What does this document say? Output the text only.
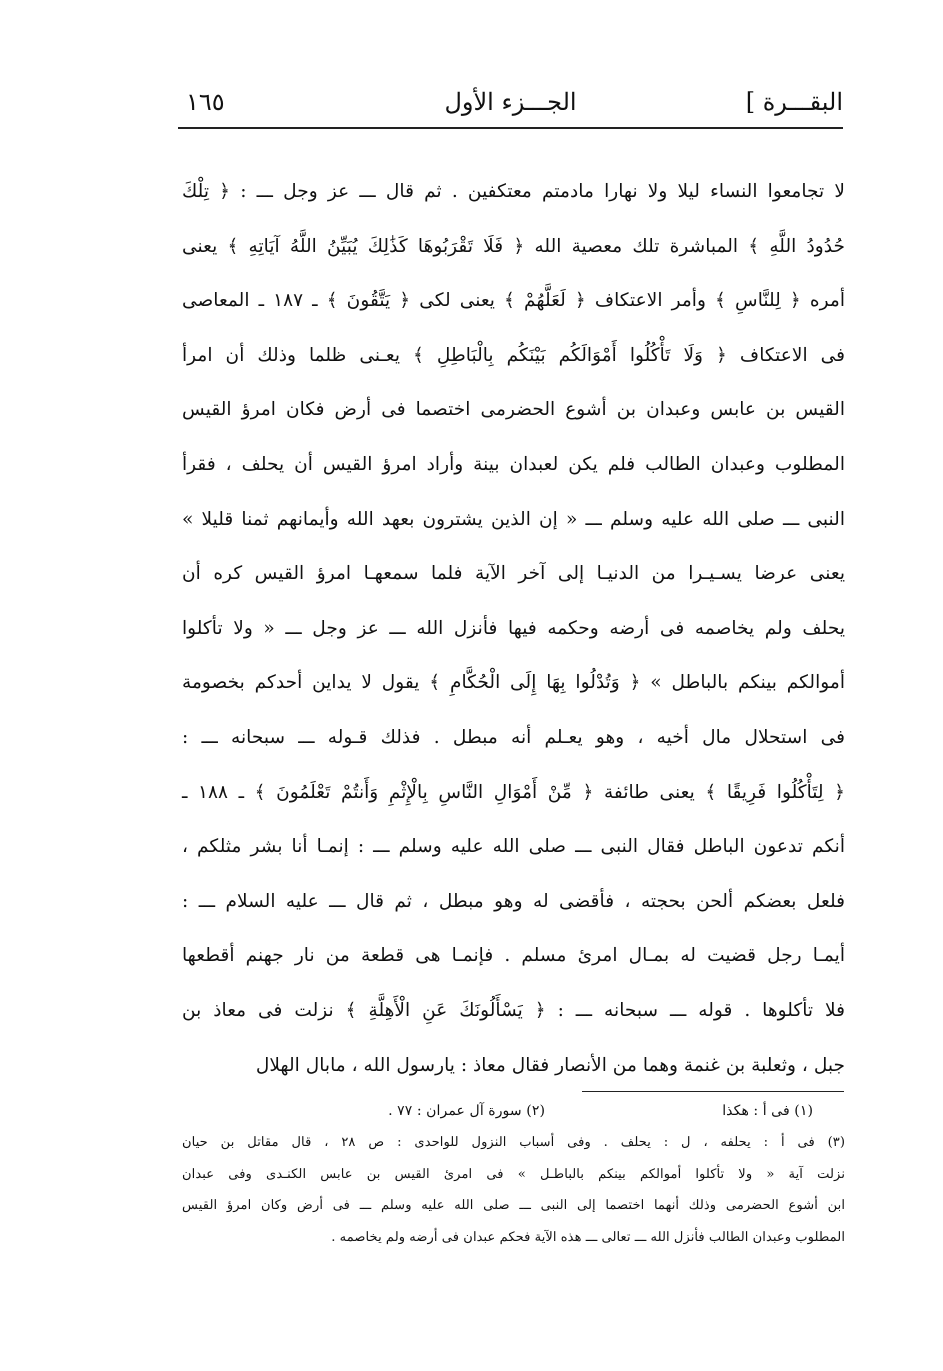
البقـــرة ]
الجـــزء الأول
١٦٥
لا تجامعوا النساء ليلا ولا نهارا مادمتم معتكفين . ثم قال ـــ عز وجل ـــ : ﴿ تِلْكَ
حُدُودُ اللَّهِ ﴾ المباشرة تلك معصية الله ﴿ فَلَا تَقْرَبُوهَا كَذَٰلِكَ يُبَيِّنُ اللَّهُ آيَاتِهِ ﴾ يعنى
أمره ﴿ لِلنَّاسِ ﴾ وأمر الاعتكاف ﴿ لَعَلَّهُمْ ﴾ يعنى لكى ﴿ يَتَّقُونَ ﴾ ـ ١٨٧ ـ المعاصى
فى الاعتكاف ﴿ وَلَا تَأْكُلُوا أَمْوَالَكُم بَيْنَكُم بِالْبَاطِلِ ﴾ يعـنى ظلما وذلك أن امرأ
القيس بن عابس وعبدان بن أشوع الحضرمى اختصما فى أرض فكان امرؤ القيس
المطلوب وعبدان الطالب فلم يكن لعبدان بينة وأراد امرؤ القيس أن يحلف ، فقرأ
النبى ـــ صلى الله عليه وسلم ـــ « إن الذين يشترون بعهد الله وأيمانهم ثمنا قليلا »
يعنى عرضا يسـيـرا من الدنيـا إلى آخر الآية فلما سمعهـا امرؤ القيس كره أن
يحلف ولم يخاصمه فى أرضه وحكمه فيها فأنزل الله ـــ عز وجل ـــ « ولا تأكلوا
أموالكم بينكم بالباطل » ﴿ وَتُدْلُوا بِهَا إِلَى الْحُكَّامِ ﴾ يقول لا يداين أحدكم بخصومة
فى استحلال مال أخيه ، وهو يعـلم أنه مبطل . فذلك قـوله ـــ سبحانه ـــ :
﴿ لِتَأْكُلُوا فَرِيقًا ﴾ يعنى طائفة ﴿ مِّنْ أَمْوَالِ النَّاسِ بِالْإِثْمِ وَأَنتُمْ تَعْلَمُونَ ﴾ ـ ١٨٨ ـ
أنكم تدعون الباطل فقال النبى ـــ صلى الله عليه وسلم ـــ : إنمـا أنا بشر مثلكم ،
فلعل بعضكم ألحن بحجته ، فأقضى له وهو مبطل ، ثم قال ـــ عليه السلام ـــ :
أيمـا رجل قضيت له بمـال امرئ مسلم . فإنمـا هى قطعة من نار جهنم أقطعها
فلا تأكلوها . قوله ـــ سبحانه ـــ : ﴿ يَسْأَلُونَكَ عَنِ الْأَهِلَّةِ ﴾ نزلت فى معاذ بن
جبل ، وثعلبة بن غنمة وهما من الأنصار فقال معاذ : يارسول الله ، مابال الهلال
(١) فى أ : هكذا
(٢) سورة آل عمران : ٧٧ .
(٣) فى أ : يحلفه ، ل : يحلف . وفى أسباب النزول للواحدى : ص ٢٨ ، قال مقاتل بن حيان
نزلت آية « ولا تأكلوا أموالكم بينكم بالباطـل » فى امرئ القيس بن عابس الكنـدى وفى عبدان
ابن أشوع الحضرمى وذلك أنهما اختصما إلى النبى ـــ صلى الله عليه وسلم ـــ فى أرض وكان امرؤ القيس
المطلوب وعبدان الطالب فأنزل الله ـــ تعالى ـــ هذه الآية فحكم عبدان فى أرضه ولم يخاصمه .
